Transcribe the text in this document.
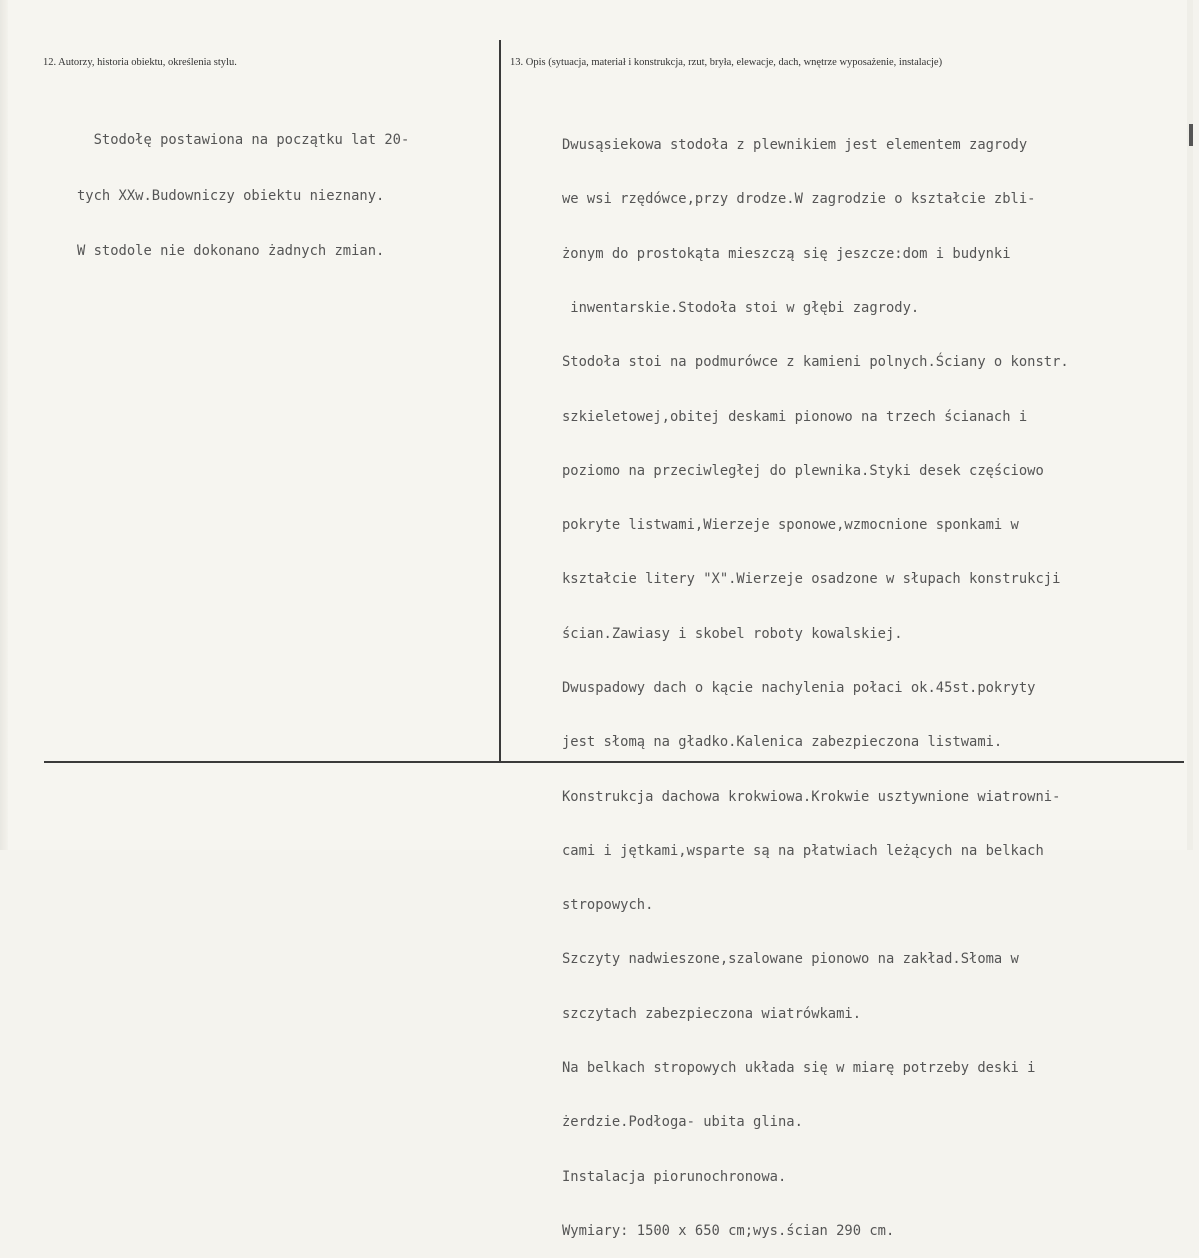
12. Autorzy, historia obiektu, określenia stylu.	13. Opis (sytuacja, materiał i konstrukcja, rzut, bryła, elewacje, dach, wnętrze wyposażenie, instalacje)

Stodołę postawiona na początku lat 20-

tych XXw.Budowniczy obiektu nieznany.

W stodole nie dokonano żadnych zmian.

Dwusąsiekowa stodoła z plewnikiem jest elementem zagrody

we wsi rzędówce,przy drodze.W zagrodzie o kształcie zbli-

żonym do prostokąta mieszczą się jeszcze:dom i budynki

inwentarskie.Stodoła stoi w głębi zagrody.

Stodoła stoi na podmurówce z kamieni polnych.Ściany o konstr.

szkieletowej,obitej deskami pionowo na trzech ścianach i

poziomo na przeciwległej do plewnika.Styki desek częściowo

pokryte listwami,Wierzeje sponowe,wzmocnione sponkami w

kształcie litery "X".Wierzeje osadzone w słupach konstrukcji

ścian.Zawiasy i skobel roboty kowalskiej.

Dwuspadowy dach o kącie nachylenia połaci ok.45st.pokryty

jest słomą na gładko.Kalenica zabezpieczona listwami.

Konstrukcja dachowa krokwiowa.Krokwie usztywnione wiatrowni-

cami i jętkami,wsparte są na płatwiach leżących na belkach

stropowych.

Szczyty nadwieszone,szalowane pionowo na zakład.Słoma w

szczytach zabezpieczona wiatrówkami.

Na belkach stropowych układa się w miarę potrzeby deski i

żerdzie.Podłoga- ubita glina.

Instalacja piorunochronowa.

Wymiary: 1500 x 650 cm;wys.ścian 290 cm.
